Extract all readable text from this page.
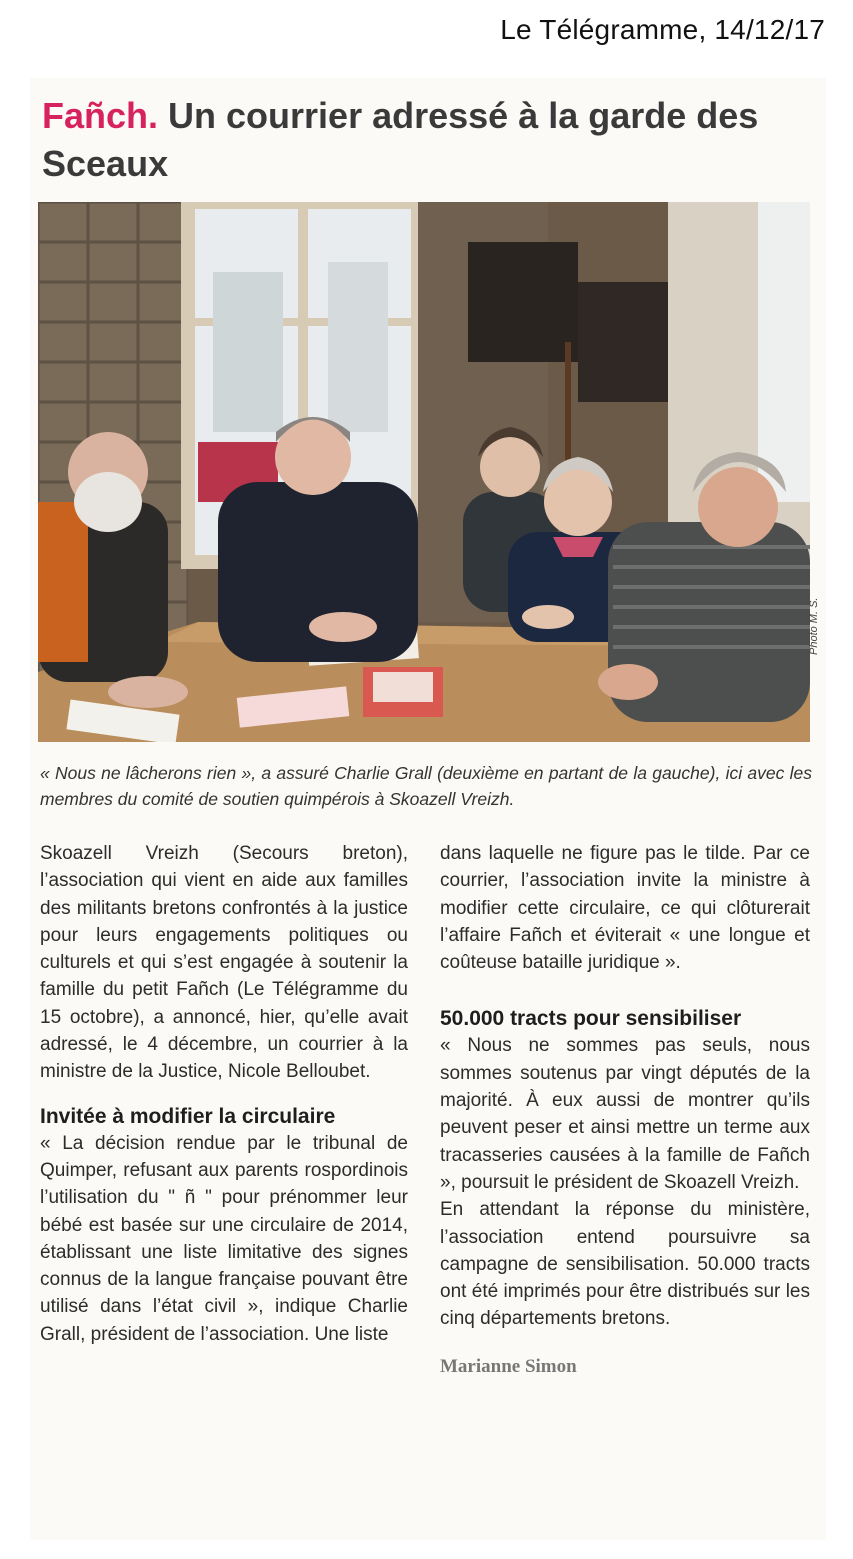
Le Télégramme, 14/12/17
Fañch. Un courrier adressé à la garde des Sceaux
Photo M. S.
« Nous ne lâcherons rien », a assuré Charlie Grall (deuxième en partant de la gauche), ici avec les membres du comité de soutien quimpérois à Skoazell Vreizh.

Skoazell Vreizh (Secours breton), l’association qui vient en aide aux familles des militants bretons confrontés à la justice pour leurs engagements politiques ou culturels et qui s’est engagée à soutenir la famille du petit Fañch (Le Télégramme du 15 octobre), a annoncé, hier, qu’elle avait adressé, le 4 décembre, un courrier à la ministre de la Justice, Nicole Belloubet.

Invitée à modifier la circulaire

« La décision rendue par le tribunal de Quimper, refusant aux parents rospordinois l’utilisation du " ñ " pour prénommer leur bébé est basée sur une circulaire de 2014, établissant une liste limitative des signes connus de la langue française pouvant être utilisé dans l’état civil », indique Charlie Grall, président de l’association. Une liste

dans laquelle ne figure pas le tilde. Par ce courrier, l’association invite la ministre à modifier cette circulaire, ce qui clôturerait l’affaire Fañch et éviterait « une longue et coûteuse bataille juridique ».

50.000 tracts pour sensibiliser

« Nous ne sommes pas seuls, nous sommes soutenus par vingt députés de la majorité. À eux aussi de montrer qu’ils peuvent peser et ainsi mettre un terme aux tracasseries causées à la famille de Fañch », poursuit le président de Skoazell Vreizh.

En attendant la réponse du ministère, l’association entend poursuivre sa campagne de sensibilisation. 50.000 tracts ont été imprimés pour être distribués sur les cinq départements bretons.

Marianne Simon
